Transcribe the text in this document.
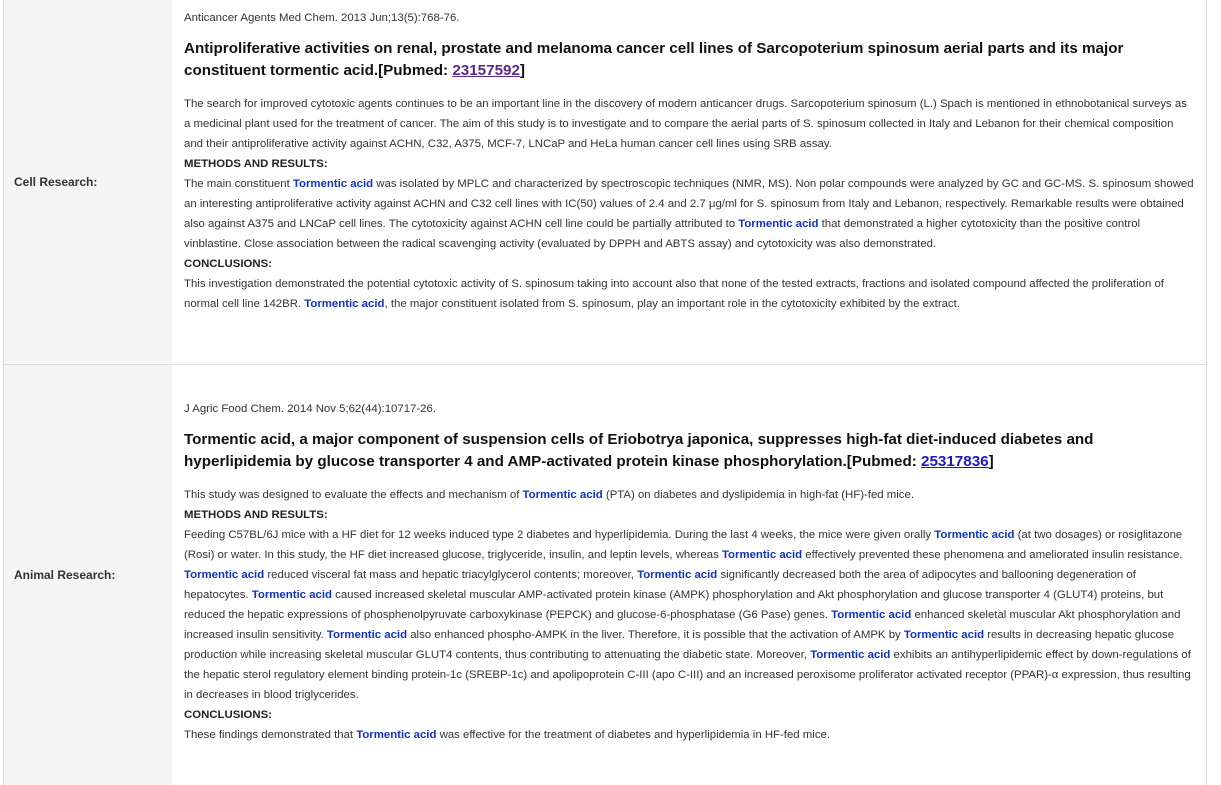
Cell Research:

Anticancer Agents Med Chem. 2013 Jun;13(5):768-76.

Antiproliferative activities on renal, prostate and melanoma cancer cell lines of Sarcopoterium spinosum aerial parts and its major constituent tormentic acid.[Pubmed: 23157592]

The search for improved cytotoxic agents continues to be an important line in the discovery of modern anticancer drugs. Sarcopoterium spinosum (L.) Spach is mentioned in ethnobotanical surveys as a medicinal plant used for the treatment of cancer. The aim of this study is to investigate and to compare the aerial parts of S. spinosum collected in Italy and Lebanon for their chemical composition and their antiproliferative activity against ACHN, C32, A375, MCF-7, LNCaP and HeLa human cancer cell lines using SRB assay.
METHODS AND RESULTS:
The main constituent Tormentic acid was isolated by MPLC and characterized by spectroscopic techniques (NMR, MS). Non polar compounds were analyzed by GC and GC-MS. S. spinosum showed an interesting antiproliferative activity against ACHN and C32 cell lines with IC(50) values of 2.4 and 2.7 μg/ml for S. spinosum from Italy and Lebanon, respectively. Remarkable results were obtained also against A375 and LNCaP cell lines. The cytotoxicity against ACHN cell line could be partially attributed to Tormentic acid that demonstrated a higher cytotoxicity than the positive control vinblastine. Close association between the radical scavenging activity (evaluated by DPPH and ABTS assay) and cytotoxicity was also demonstrated.
CONCLUSIONS:
This investigation demonstrated the potential cytotoxic activity of S. spinosum taking into account also that none of the tested extracts, fractions and isolated compound affected the proliferation of normal cell line 142BR. Tormentic acid, the major constituent isolated from S. spinosum, play an important role in the cytotoxicity exhibited by the extract.
Animal Research:

J Agric Food Chem. 2014 Nov 5;62(44):10717-26.

Tormentic acid, a major component of suspension cells of Eriobotrya japonica, suppresses high-fat diet-induced diabetes and hyperlipidemia by glucose transporter 4 and AMP-activated protein kinase phosphorylation.[Pubmed: 25317836]

This study was designed to evaluate the effects and mechanism of Tormentic acid (PTA) on diabetes and dyslipidemia in high-fat (HF)-fed mice.
METHODS AND RESULTS:
Feeding C57BL/6J mice with a HF diet for 12 weeks induced type 2 diabetes and hyperlipidemia. During the last 4 weeks, the mice were given orally Tormentic acid (at two dosages) or rosiglitazone (Rosi) or water. In this study, the HF diet increased glucose, triglyceride, insulin, and leptin levels, whereas Tormentic acid effectively prevented these phenomena and ameliorated insulin resistance. Tormentic acid reduced visceral fat mass and hepatic triacylglycerol contents; moreover, Tormentic acid significantly decreased both the area of adipocytes and ballooning degeneration of hepatocytes. Tormentic acid caused increased skeletal muscular AMP-activated protein kinase (AMPK) phosphorylation and Akt phosphorylation and glucose transporter 4 (GLUT4) proteins, but reduced the hepatic expressions of phosphenolpyruvate carboxykinase (PEPCK) and glucose-6-phosphatase (G6 Pase) genes. Tormentic acid enhanced skeletal muscular Akt phosphorylation and increased insulin sensitivity. Tormentic acid also enhanced phospho-AMPK in the liver. Therefore, it is possible that the activation of AMPK by Tormentic acid results in decreasing hepatic glucose production while increasing skeletal muscular GLUT4 contents, thus contributing to attenuating the diabetic state. Moreover, Tormentic acid exhibits an antihyperlipidemic effect by down-regulations of the hepatic sterol regulatory element binding protein-1c (SREBP-1c) and apolipoprotein C-III (apo C-III) and an increased peroxisome proliferator activated receptor (PPAR)-α expression, thus resulting in decreases in blood triglycerides.
CONCLUSIONS:
These findings demonstrated that Tormentic acid was effective for the treatment of diabetes and hyperlipidemia in HF-fed mice.
